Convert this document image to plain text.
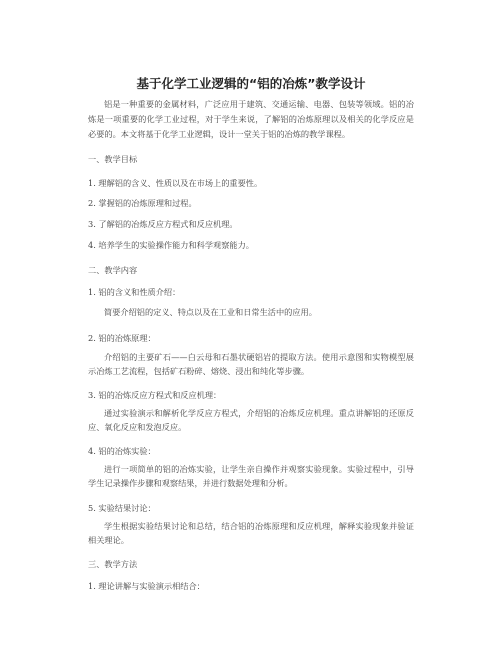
基于化学工业逻辑的“铝的冶炼”教学设计
铝是一种重要的金属材料，广泛应用于建筑、交通运输、电器、包装等领域。铝的冶炼是一项重要的化学工业过程，对于学生来说，了解铝的冶炼原理以及相关的化学反应是必要的。本文将基于化学工业逻辑，设计一堂关于铝的冶炼的教学课程。
一、教学目标
1. 理解铝的含义、性质以及在市场上的重要性。
2. 掌握铝的冶炼原理和过程。
3. 了解铝的冶炼反应方程式和反应机理。
4. 培养学生的实验操作能力和科学观察能力。
二、教学内容
1. 铝的含义和性质介绍：
简要介绍铝的定义、特点以及在工业和日常生活中的应用。
2. 铝的冶炼原理：
介绍铝的主要矿石——白云母和石墨状硬铝岩的提取方法。使用示意图和实物模型展示冶炼工艺流程，包括矿石粉碎、熔烧、浸出和纯化等步骤。
3. 铝的冶炼反应方程式和反应机理：
通过实验演示和解析化学反应方程式，介绍铝的冶炼反应机理。重点讲解铝的还原反应、氧化反应和发泡反应。
4. 铝的冶炼实验：
进行一项简单的铝的冶炼实验，让学生亲自操作并观察实验现象。实验过程中，引导学生记录操作步骤和观察结果，并进行数据处理和分析。
5. 实验结果讨论：
学生根据实验结果讨论和总结，结合铝的冶炼原理和反应机理，解释实验现象并验证相关理论。
三、教学方法
1. 理论讲解与实验演示相结合：
